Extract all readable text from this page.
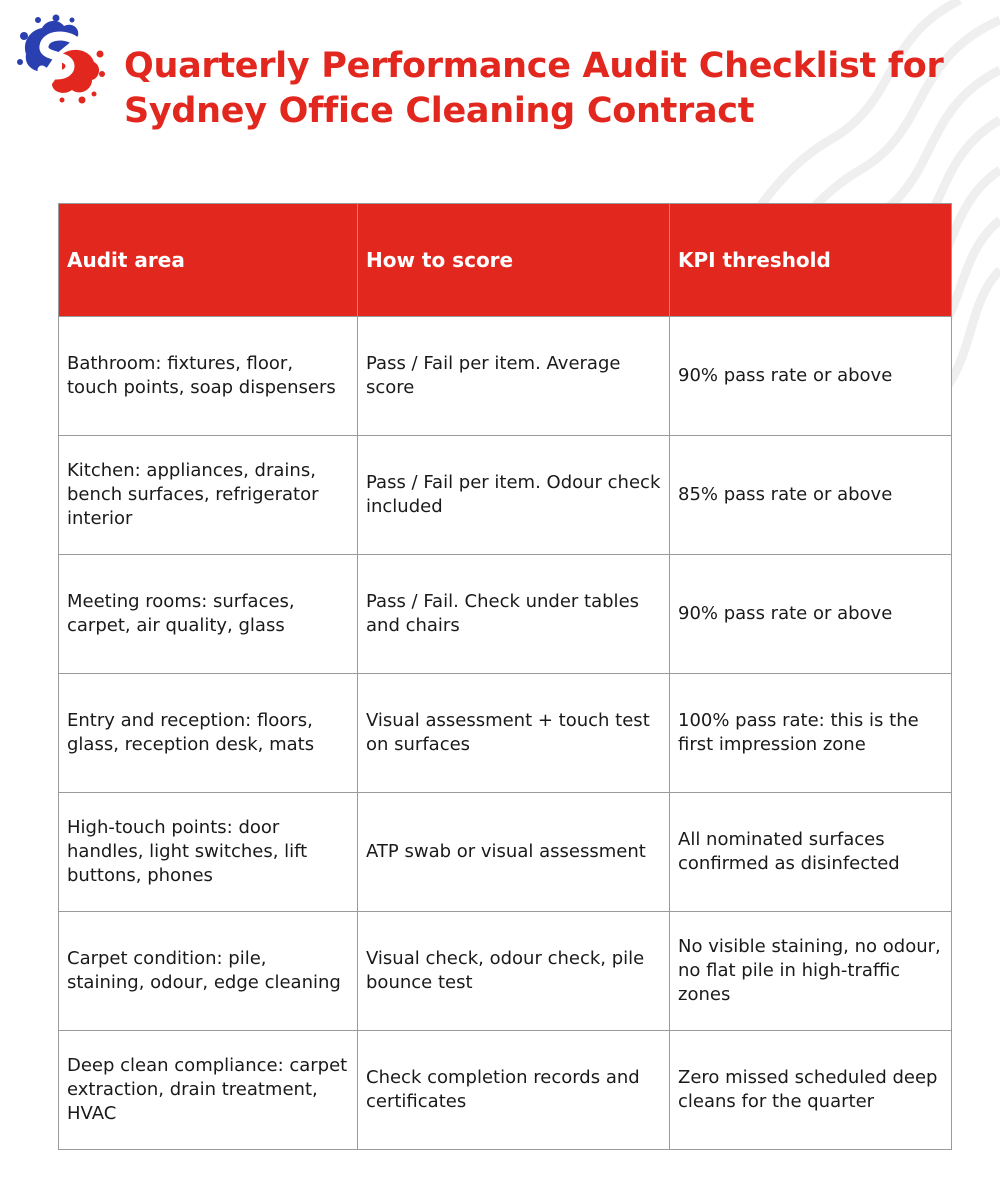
Quarterly Performance Audit Checklist for Sydney Office Cleaning Contract
Audit area	How to score	KPI threshold
Bathroom: fixtures, floor, touch points, soap dispensers	Pass / Fail per item. Average score	90% pass rate or above
Kitchen: appliances, drains, bench surfaces, refrigerator interior	Pass / Fail per item. Odour check included	85% pass rate or above
Meeting rooms: surfaces, carpet, air quality, glass	Pass / Fail. Check under tables and chairs	90% pass rate or above
Entry and reception: floors, glass, reception desk, mats	Visual assessment + touch test on surfaces	100% pass rate: this is the first impression zone
High-touch points: door handles, light switches, lift buttons, phones	ATP swab or visual assessment	All nominated surfaces confirmed as disinfected
Carpet condition: pile, staining, odour, edge cleaning	Visual check, odour check, pile bounce test	No visible staining, no odour, no flat pile in high-traffic zones
Deep clean compliance: carpet extraction, drain treatment, HVAC	Check completion records and certificates	Zero missed scheduled deep cleans for the quarter
